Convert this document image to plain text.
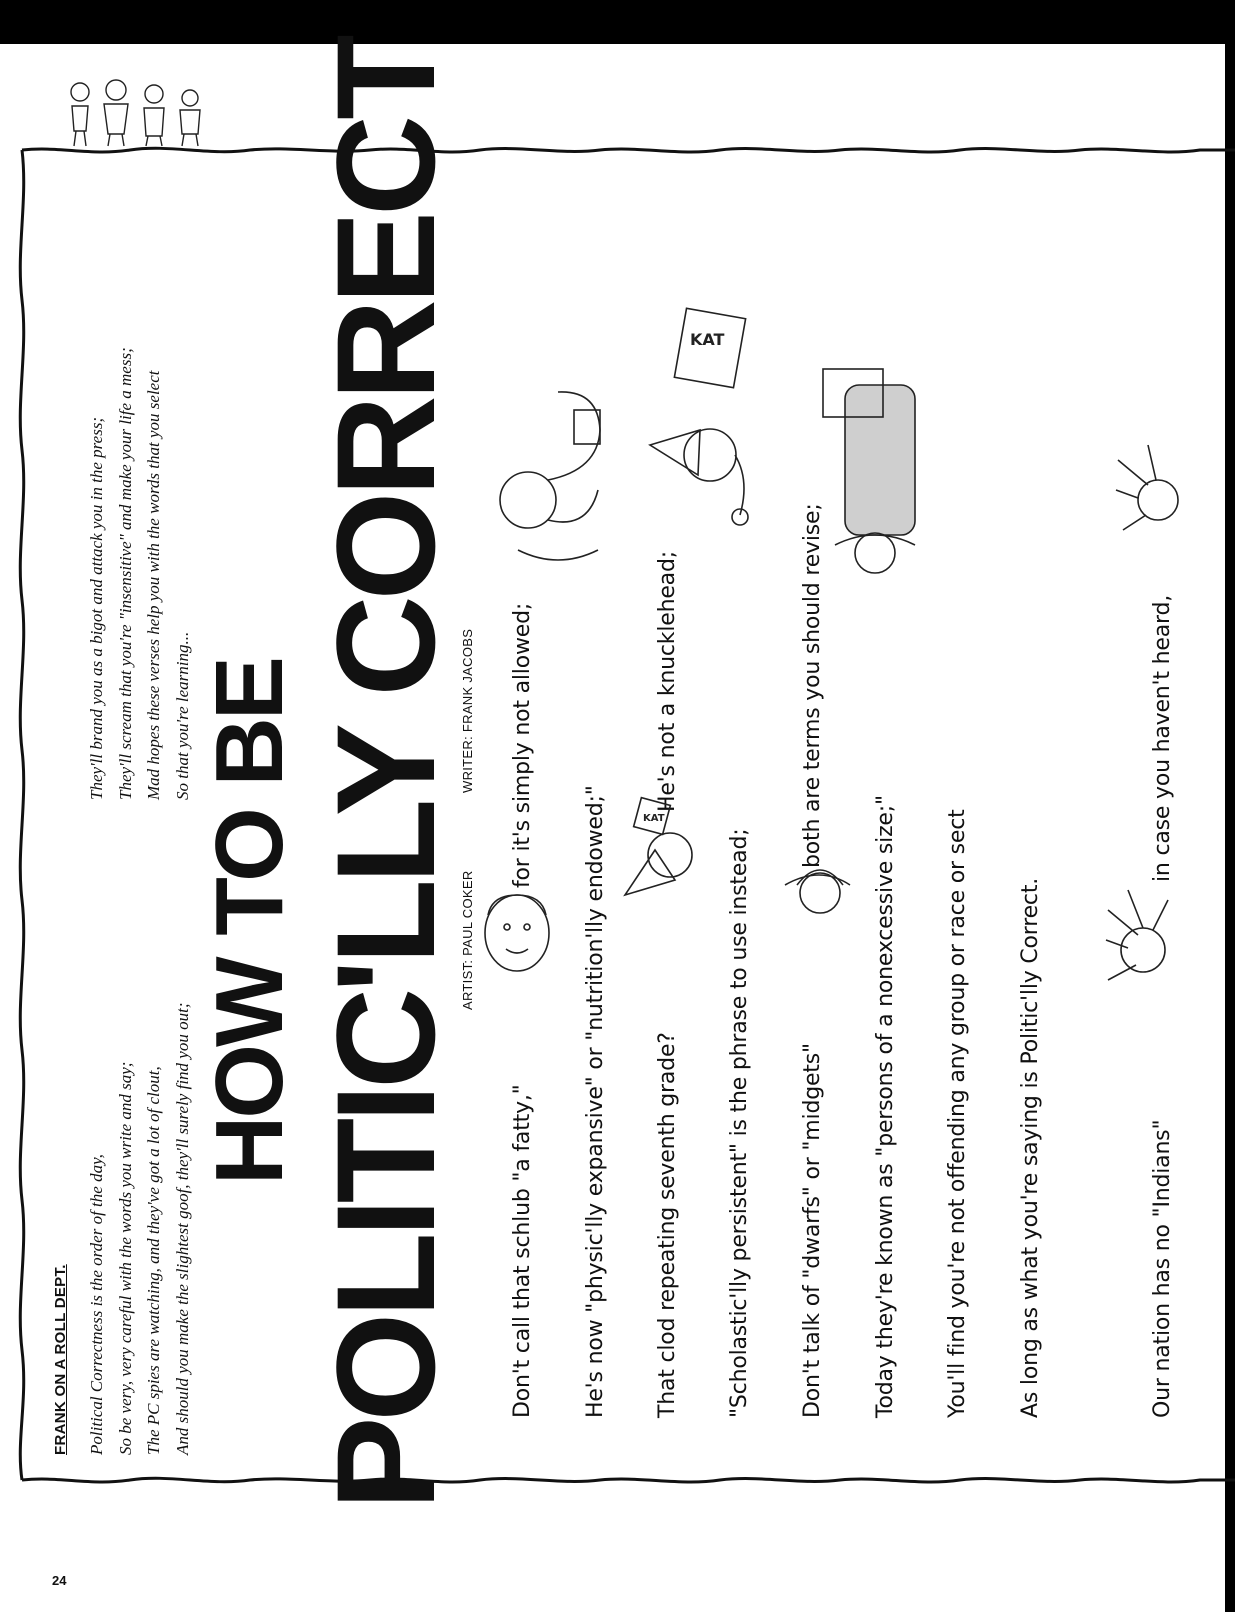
FRANK ON A ROLL DEPT. Political Correctness is the order of the day, So be very, very careful with the words you write and say; The PC spies are watching, and they've got a lot of clout, And should you make the slightest goof, they'll surely find you out;
They'll brand you as a bigot and attack you in the press; They'll scream that you're "insensitive" and make your life a mess; Mad hopes these verses help you with the words that you select So that you're learning... HOW TO BE POLITIC'LLY CORRECT
ARTIST: PAUL COKER
WRITER: FRANK JACOBS
Don't call that schlub "a fatty,"
for it's simply not allowed;
He's now "physic'lly expansive" or "nutrition'lly endowed;" That clod repeating seventh grade?
He's not a knucklehead;
"Scholastic'lly persistent" is the phrase to use instead; Don't talk of "dwarfs" or "midgets"
both are terms you should revise;
Today they're known as "persons of a nonexcessive size;" You'll find you're not offending any group or race or sect As long as what you're saying is Politic'lly Correct.	Our nation has no "Indians"
in case you haven't heard,
KAT
KAT
24
